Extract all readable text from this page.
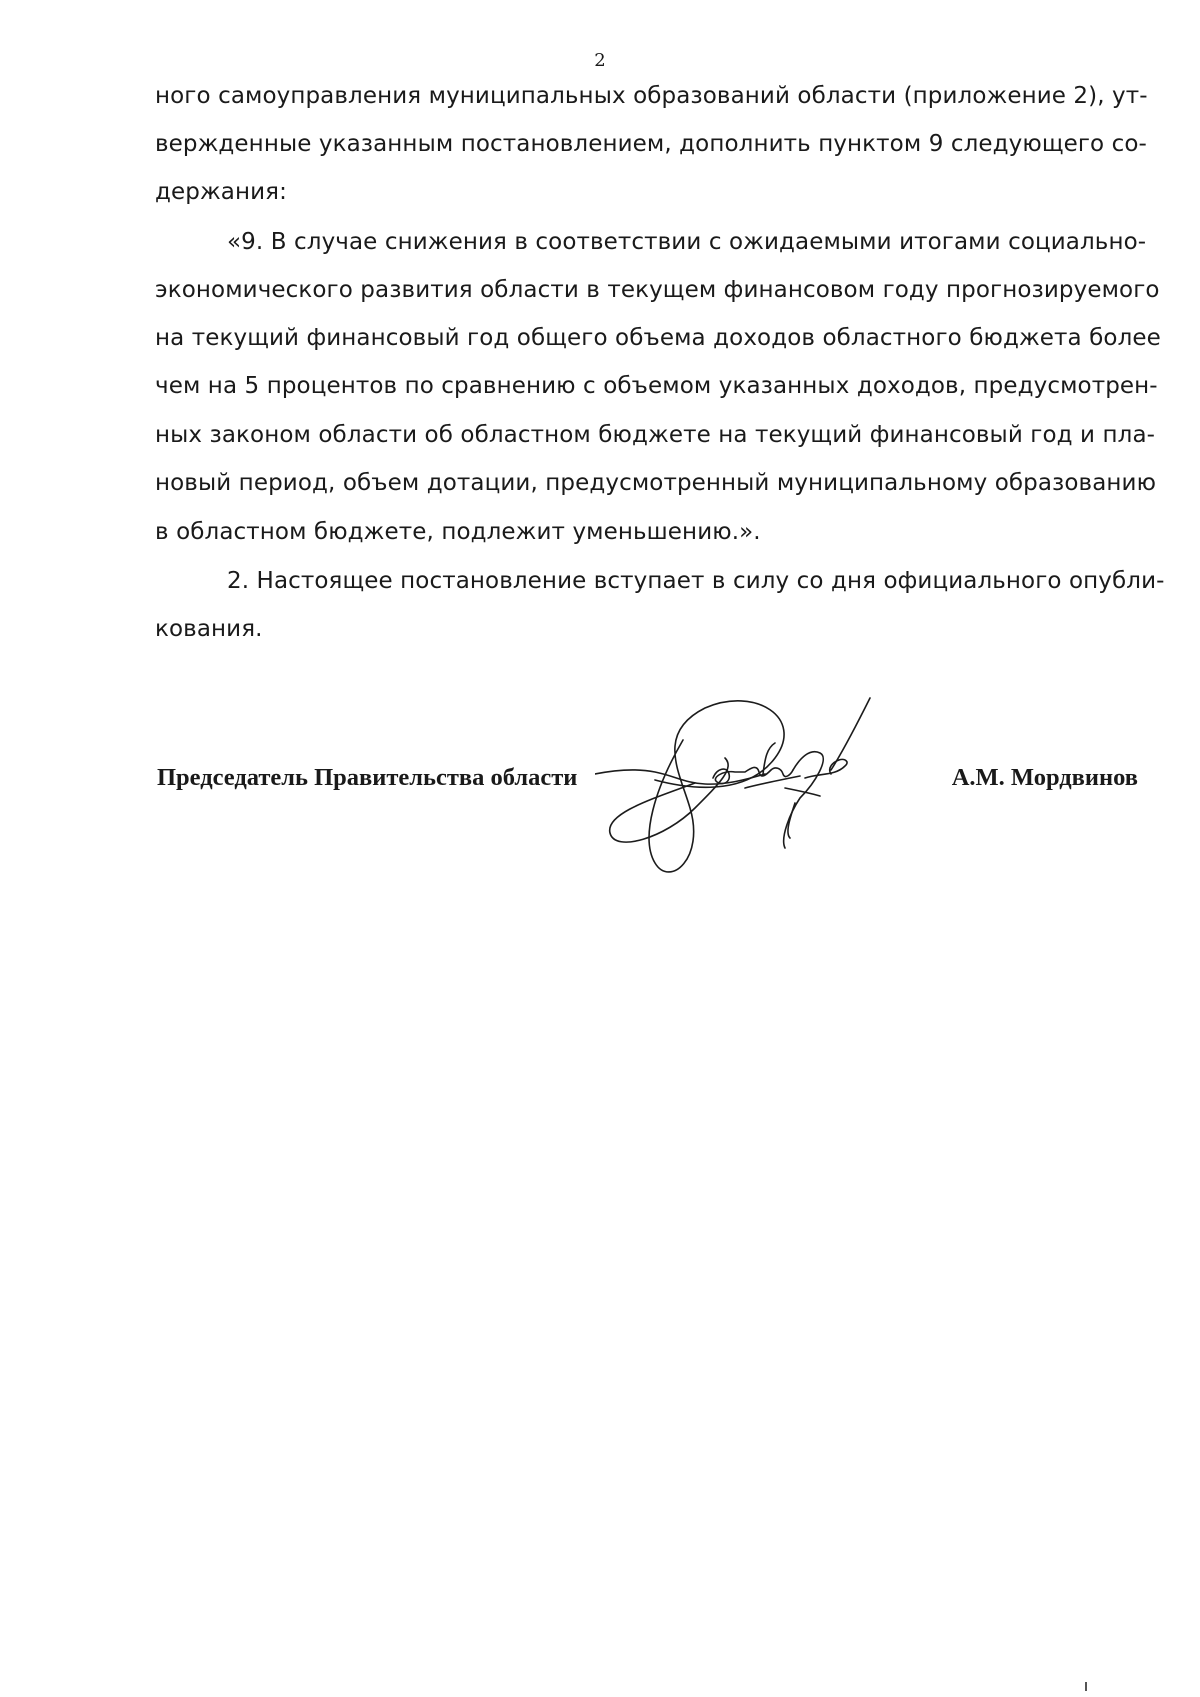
2
ного самоуправления муниципальных образований области (приложение 2), ут-
вержденные указанным постановлением, дополнить пунктом 9 следующего со-
держания:
«9. В случае снижения в соответствии с ожидаемыми итогами социально-
экономического развития области в текущем финансовом году прогнозируемого
на текущий финансовый год общего объема доходов областного бюджета более
чем на 5 процентов по сравнению с объемом указанных доходов, предусмотрен-
ных законом области об областном бюджете на текущий финансовый год и пла-
новый период, объем дотации, предусмотренный муниципальному образованию
в областном бюджете, подлежит уменьшению.».
2. Настоящее постановление вступает в силу со дня официального опубли-
кования.
Председатель Правительства области	А.М. Мордвинов
